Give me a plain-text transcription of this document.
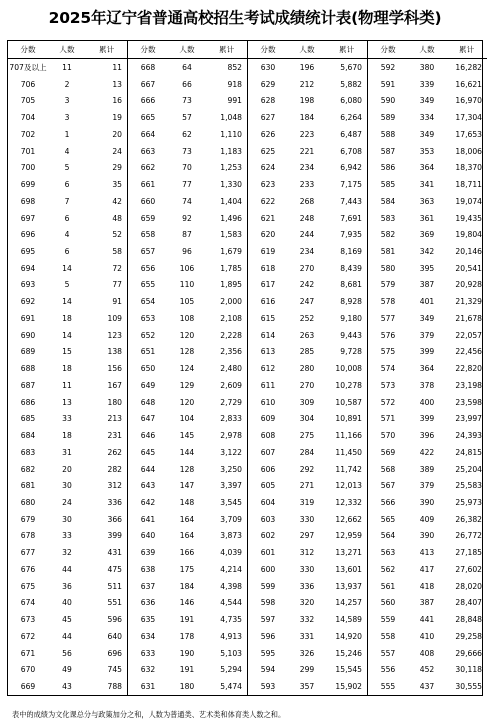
2025年辽宁省普通高校招生考试成绩统计表(物理学科类)
分数	人数	累计
707及以上	11	11
706	2	13
705	3	16
704	3	19
702	1	20
701	4	24
700	5	29
699	6	35
698	7	42
697	6	48
696	4	52
695	6	58
694	14	72
693	5	77
692	14	91
691	18	109
690	14	123
689	15	138
688	18	156
687	11	167
686	13	180
685	33	213
684	18	231
683	31	262
682	20	282
681	30	312
680	24	336
679	30	366
678	33	399
677	32	431
676	44	475
675	36	511
674	40	551
673	45	596
672	44	640
671	56	696
670	49	745
669	43	788
分数	人数	累计
668	64	852
667	66	918
666	73	991
665	57	1,048
664	62	1,110
663	73	1,183
662	70	1,253
661	77	1,330
660	74	1,404
659	92	1,496
658	87	1,583
657	96	1,679
656	106	1,785
655	110	1,895
654	105	2,000
653	108	2,108
652	120	2,228
651	128	2,356
650	124	2,480
649	129	2,609
648	120	2,729
647	104	2,833
646	145	2,978
645	144	3,122
644	128	3,250
643	147	3,397
642	148	3,545
641	164	3,709
640	164	3,873
639	166	4,039
638	175	4,214
637	184	4,398
636	146	4,544
635	191	4,735
634	178	4,913
633	190	5,103
632	191	5,294
631	180	5,474
分数	人数	累计
630	196	5,670
629	212	5,882
628	198	6,080
627	184	6,264
626	223	6,487
625	221	6,708
624	234	6,942
623	233	7,175
622	268	7,443
621	248	7,691
620	244	7,935
619	234	8,169
618	270	8,439
617	242	8,681
616	247	8,928
615	252	9,180
614	263	9,443
613	285	9,728
612	280	10,008
611	270	10,278
610	309	10,587
609	304	10,891
608	275	11,166
607	284	11,450
606	292	11,742
605	271	12,013
604	319	12,332
603	330	12,662
602	297	12,959
601	312	13,271
600	330	13,601
599	336	13,937
598	320	14,257
597	332	14,589
596	331	14,920
595	326	15,246
594	299	15,545
593	357	15,902
分数	人数	累计
592	380	16,282
591	339	16,621
590	349	16,970
589	334	17,304
588	349	17,653
587	353	18,006
586	364	18,370
585	341	18,711
584	363	19,074
583	361	19,435
582	369	19,804
581	342	20,146
580	395	20,541
579	387	20,928
578	401	21,329
577	349	21,678
576	379	22,057
575	399	22,456
574	364	22,820
573	378	23,198
572	400	23,598
571	399	23,997
570	396	24,393
569	422	24,815
568	389	25,204
567	379	25,583
566	390	25,973
565	409	26,382
564	390	26,772
563	413	27,185
562	417	27,602
561	418	28,020
560	387	28,407
559	441	28,848
558	410	29,258
557	408	29,666
556	452	30,118
555	437	30,555
表中的成绩为文化课总分与政策加分之和，人数为普通类、艺术类和体育类人数之和。
